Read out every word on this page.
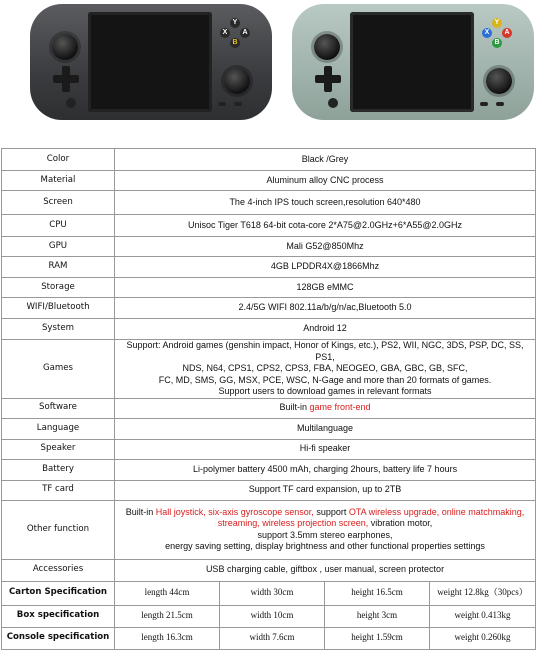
Y
X	A
B
Y
X	A
B
Color	Black /Grey			
Material	Aluminum alloy CNC process			
Screen	The 4-inch IPS touch screen,resolution 640*480			
CPU	Unisoc Tiger T618 64-bit cota-core 2*A75@2.0GHz+6*A55@2.0GHz			
GPU	Mali G52@850Mhz			
RAM	4GB LPDDR4X@1866Mhz			
Storage	128GB eMMC			
WIFI/Bluetooth	2.4/5G WIFI 802.11a/b/g/n/ac,Bluetooth 5.0			
System	Android 12			
Games	Support: Android games (genshin impact, Honor of Kings, etc.), PS2, WII, NGC, 3DS, PSP, DC, SS, PS1,
NDS, N64, CPS1, CPS2, CPS3, FBA, NEOGEO, GBA, GBC, GB, SFC,
FC, MD, SMS, GG, MSX, PCE, WSC, N-Gage and more than 20 formats of games.
Support users to download games in relevant formats			

Software	Built-in game front-end			
Language	Multilanguage			
Speaker	Hi-fi speaker			
Battery	Li-polymer battery 4500 mAh, charging 2hours, battery life 7 hours			
TF card	Support TF card expansion, up to 2TB			
Other function	Built-in Hall joystick, six-axis gyroscope sensor, support OTA wireless upgrade, online matchmaking,
streaming, wireless projection screen, vibration motor,
support 3.5mm stereo earphones,
energy saving setting, display brightness and other functional properties settings			

Accessories	USB charging cable, giftbox , user manual, screen protector			
Carton Specification	length 44cm	width 30cm	height 16.5cm	weight 12.8kg（30pcs）
Box specification	length 21.5cm	width 10cm	height 3cm	weight 0.413kg
Console specification	length 16.3cm	width 7.6cm	height 1.59cm	weight 0.260kg
